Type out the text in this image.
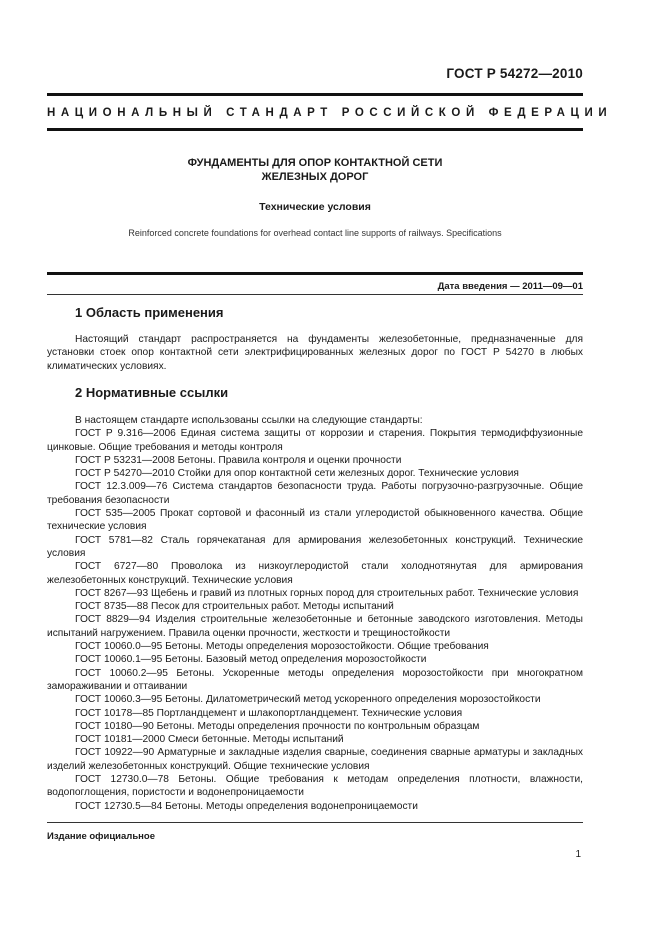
ГОСТ Р 54272—2010
НАЦИОНАЛЬНЫЙ СТАНДАРТ РОССИЙСКОЙ ФЕДЕРАЦИИ
ФУНДАМЕНТЫ ДЛЯ ОПОР КОНТАКТНОЙ СЕТИ
ЖЕЛЕЗНЫХ ДОРОГ
Технические условия
Reinforced concrete foundations for overhead contact line supports of railways. Specifications
Дата введения — 2011—09—01
1 Область применения
Настоящий стандарт распространяется на фундаменты железобетонные, предназначенные для установки стоек опор контактной сети электрифицированных железных дорог по ГОСТ Р 54270 в любых климатических условиях.
2 Нормативные ссылки

В настоящем стандарте использованы ссылки на следующие стандарты:

ГОСТ Р 9.316—2006 Единая система защиты от коррозии и старения. Покрытия термодиффузионные цинковые. Общие требования и методы контроля

ГОСТ Р 53231—2008 Бетоны. Правила контроля и оценки прочности

ГОСТ Р 54270—2010 Стойки для опор контактной сети железных дорог. Технические условия

ГОСТ 12.3.009—76 Система стандартов безопасности труда. Работы погрузочно-разгрузочные. Общие требования безопасности

ГОСТ 535—2005 Прокат сортовой и фасонный из стали углеродистой обыкновенного качества. Общие технические условия

ГОСТ 5781—82 Сталь горячекатаная для армирования железобетонных конструкций. Технические условия

ГОСТ 6727—80 Проволока из низкоуглеродистой стали холоднотянутая для армирования железобетонных конструкций. Технические условия

ГОСТ 8267—93 Щебень и гравий из плотных горных пород для строительных работ. Технические условия

ГОСТ 8735—88 Песок для строительных работ. Методы испытаний

ГОСТ 8829—94 Изделия строительные железобетонные и бетонные заводского изготовления. Методы испытаний нагружением. Правила оценки прочности, жесткости и трещиностойкости

ГОСТ 10060.0—95 Бетоны. Методы определения морозостойкости. Общие требования

ГОСТ 10060.1—95 Бетоны. Базовый метод определения морозостойкости

ГОСТ 10060.2—95 Бетоны. Ускоренные методы определения морозостойкости при многократном замораживании и оттаивании

ГОСТ 10060.3—95 Бетоны. Дилатометрический метод ускоренного определения морозостойкости

ГОСТ 10178—85 Портландцемент и шлакопортландцемент. Технические условия

ГОСТ 10180—90 Бетоны. Методы определения прочности по контрольным образцам

ГОСТ 10181—2000 Смеси бетонные. Методы испытаний

ГОСТ 10922—90 Арматурные и закладные изделия сварные, соединения сварные арматуры и закладных изделий железобетонных конструкций. Общие технические условия

ГОСТ 12730.0—78 Бетоны. Общие требования к методам определения плотности, влажности, водопоглощения, пористости и водонепроницаемости

ГОСТ 12730.5—84 Бетоны. Методы определения водонепроницаемости

Издание официальное
1
